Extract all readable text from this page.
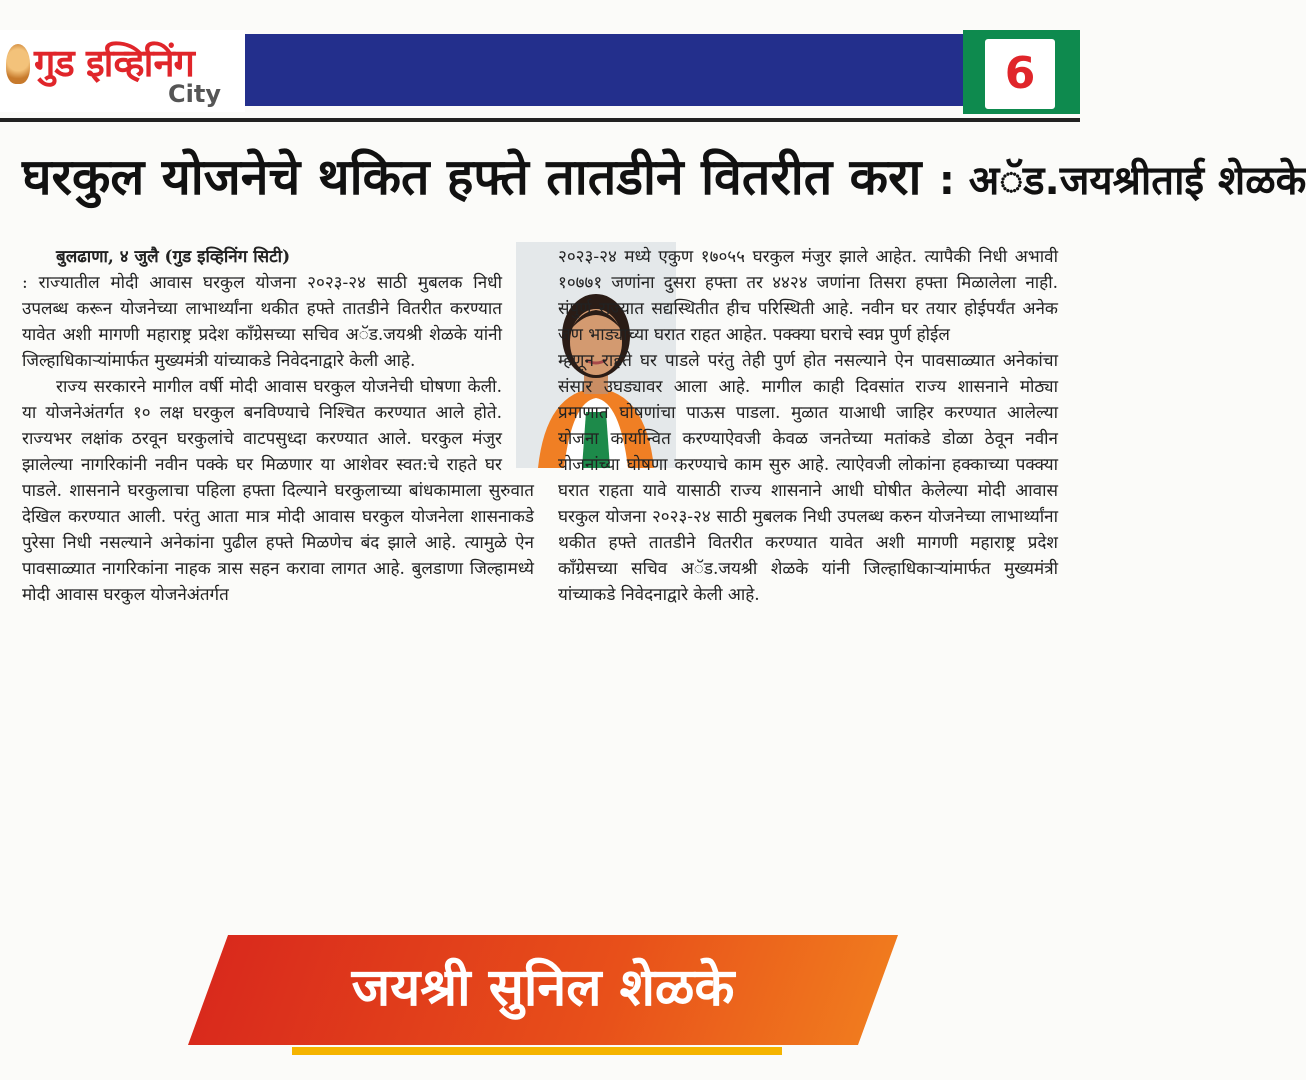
गुड इव्हिनिंग
City	6
घरकुल योजनेचे थकित हफ्ते तातडीने वितरीत करा : अॅड.जयश्रीताई शेळके

बुलढाणा, ४ जुलै (गुड इव्हिनिंग सिटी)

: राज्यातील मोदी आवास घरकुल योजना २०२३-२४ साठी मुबलक निधी उपलब्ध करून योजनेच्या लाभार्थ्यांना थकीत हफ्ते तातडीने वितरीत करण्यात यावेत अशी मागणी महाराष्ट्र प्रदेश कॉंग्रेसच्या सचिव अॅड.जयश्री शेळके यांनी जिल्हाधिकाऱ्यांमार्फत मुख्यमंत्री यांच्याकडे निवेदनाद्वारे केली आहे.

राज्य सरकारने मागील वर्षी मोदी आवास घरकुल योजनेची घोषणा केली. या योजनेअंतर्गत १० लक्ष घरकुल बनविण्याचे निश्चित करण्यात आले होते. राज्यभर लक्षांक ठरवून घरकुलांचे वाटपसुध्दा करण्यात आले. घरकुल मंजुर झालेल्या नागरिकांनी नवीन पक्के घर मिळणार या आशेवर स्वत:चे राहते घर पाडले. शासनाने घरकुलाचा पहिला हफ्ता दिल्याने घरकुलाच्या बांधकामाला सुरुवात देखिल करण्यात आली. परंतु आता मात्र मोदी आवास घरकुल योजनेला शासनाकडे पुरेसा निधी नसल्याने अनेकांना पुढील हफ्ते मिळणेच बंद झाले आहे. त्यामुळे ऐन पावसाळ्यात नागरिकांना नाहक त्रास सहन करावा लागत आहे. बुलडाणा जिल्हामध्ये मोदी आवास घरकुल योजनेअंतर्गत

२०२३-२४ मध्ये एकुण १७०५५ घरकुल मंजुर झाले आहेत. त्यापैकी निधी अभावी १०७७१ जणांना दुसरा हफ्ता तर ४४२४ जणांना तिसरा हफ्ता मिळालेला नाही. संपुर्ण राज्यात सद्यस्थितीत हीच परिस्थिती आहे. नवीन घर तयार होईपर्यंत अनेक जण भाड्याच्या घरात राहत आहेत. पक्क्या घराचे स्वप्न पुर्ण होईल

म्हणून राहते घर पाडले परंतु तेही पुर्ण होत नसल्याने ऐन पावसाळ्यात अनेकांचा संसार उघड्यावर आला आहे. मागील काही दिवसांत राज्य शासनाने मोठ्या प्रमाणात घोषणांचा पाऊस पाडला. मुळात याआधी जाहिर करण्यात आलेल्या योजना कार्यान्वित करण्याऐवजी केवळ जनतेच्या मतांकडे डोळा ठेवून नवीन योजनांच्या घोषणा करण्याचे काम सुरु आहे. त्याऐवजी लोकांना हक्काच्या पक्क्या घरात राहता यावे यासाठी राज्य शासनाने आधी घोषीत केलेल्या मोदी आवास घरकुल योजना २०२३-२४ साठी मुबलक निधी उपलब्ध करुन योजनेच्या लाभार्थ्यांना थकीत हफ्ते तातडीने वितरीत करण्यात यावेत अशी मागणी महाराष्ट्र प्रदेश कॉंग्रेसच्या सचिव अॅड.जयश्री शेळके यांनी जिल्हाधिकाऱ्यांमार्फत मुख्यमंत्री यांच्याकडे निवेदनाद्वारे केली आहे.

जयश्री सुनिल शेळके
